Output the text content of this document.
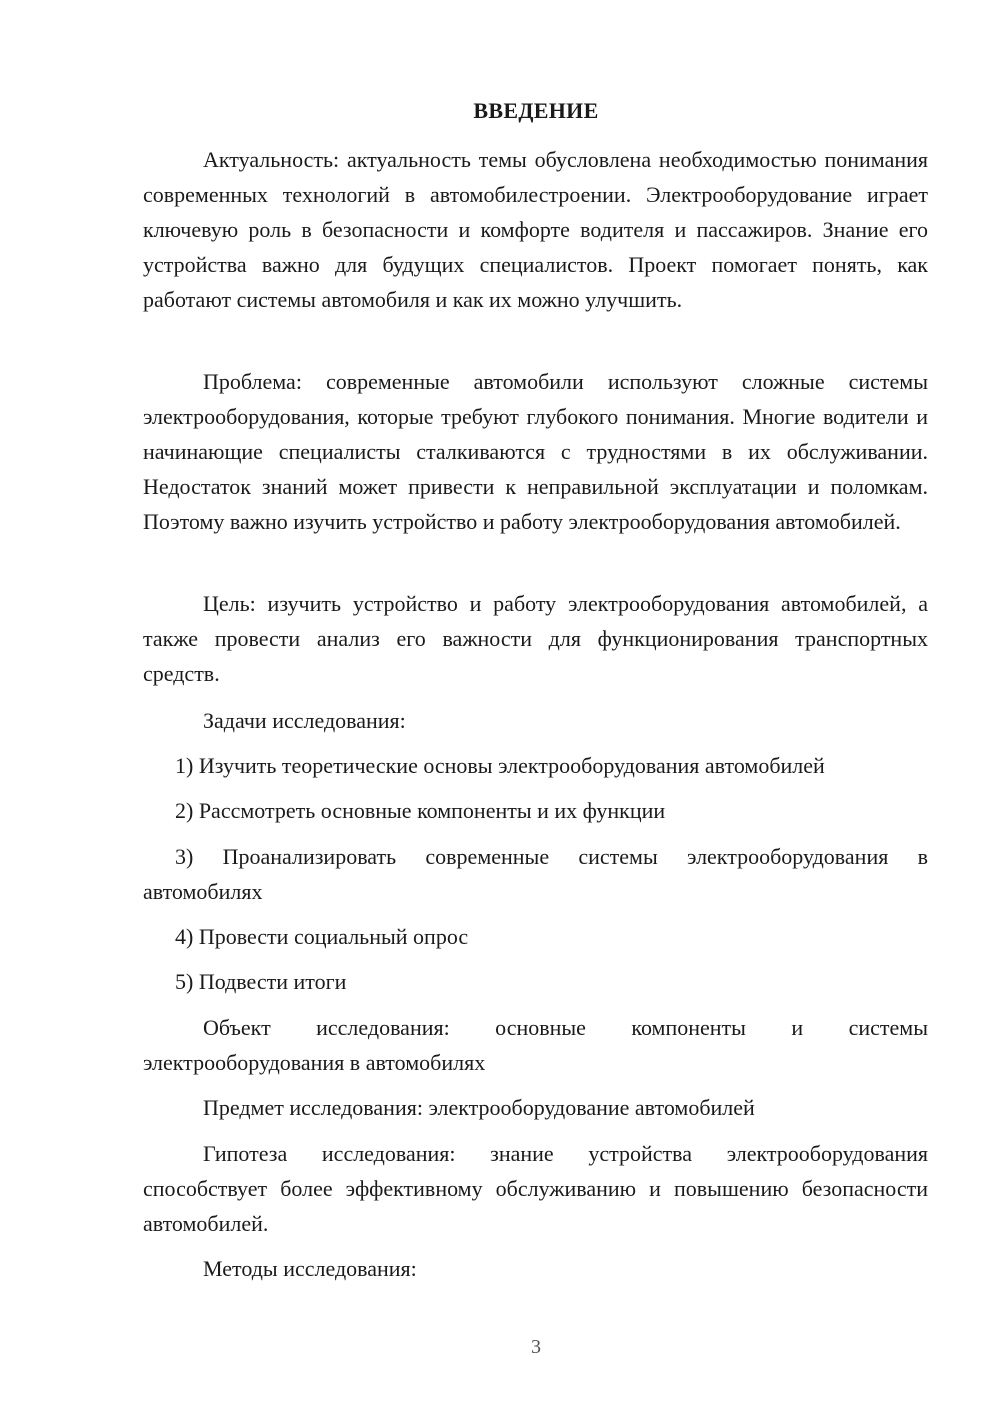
ВВЕДЕНИЕ

Актуальность: актуальность темы обусловлена необходимостью понимания современных технологий в автомобилестроении. Электрооборудование играет ключевую роль в безопасности и комфорте водителя и пассажиров. Знание его устройства важно для будущих специалистов. Проект помогает понять, как работают системы автомобиля и как их можно улучшить.

Проблема: современные автомобили используют сложные системы электрооборудования, которые требуют глубокого понимания. Многие водители и начинающие специалисты сталкиваются с трудностями в их обслуживании. Недостаток знаний может привести к неправильной эксплуатации и поломкам. Поэтому важно изучить устройство и работу электрооборудования автомобилей.

Цель: изучить устройство и работу электрооборудования автомобилей, а также провести анализ его важности для функционирования транспортных средств.

Задачи исследования:

1) Изучить теоретические основы электрооборудования автомобилей

2) Рассмотреть основные компоненты и их функции

3) Проанализировать современные системы электрооборудования в автомобилях

4) Провести социальный опрос

5) Подвести итоги

Объект исследования: основные компоненты и системы электрооборудования в автомобилях

Предмет исследования: электрооборудование автомобилей

Гипотеза исследования: знание устройства электрооборудования способствует более эффективному обслуживанию и повышению безопасности автомобилей.

Методы исследования:

3
